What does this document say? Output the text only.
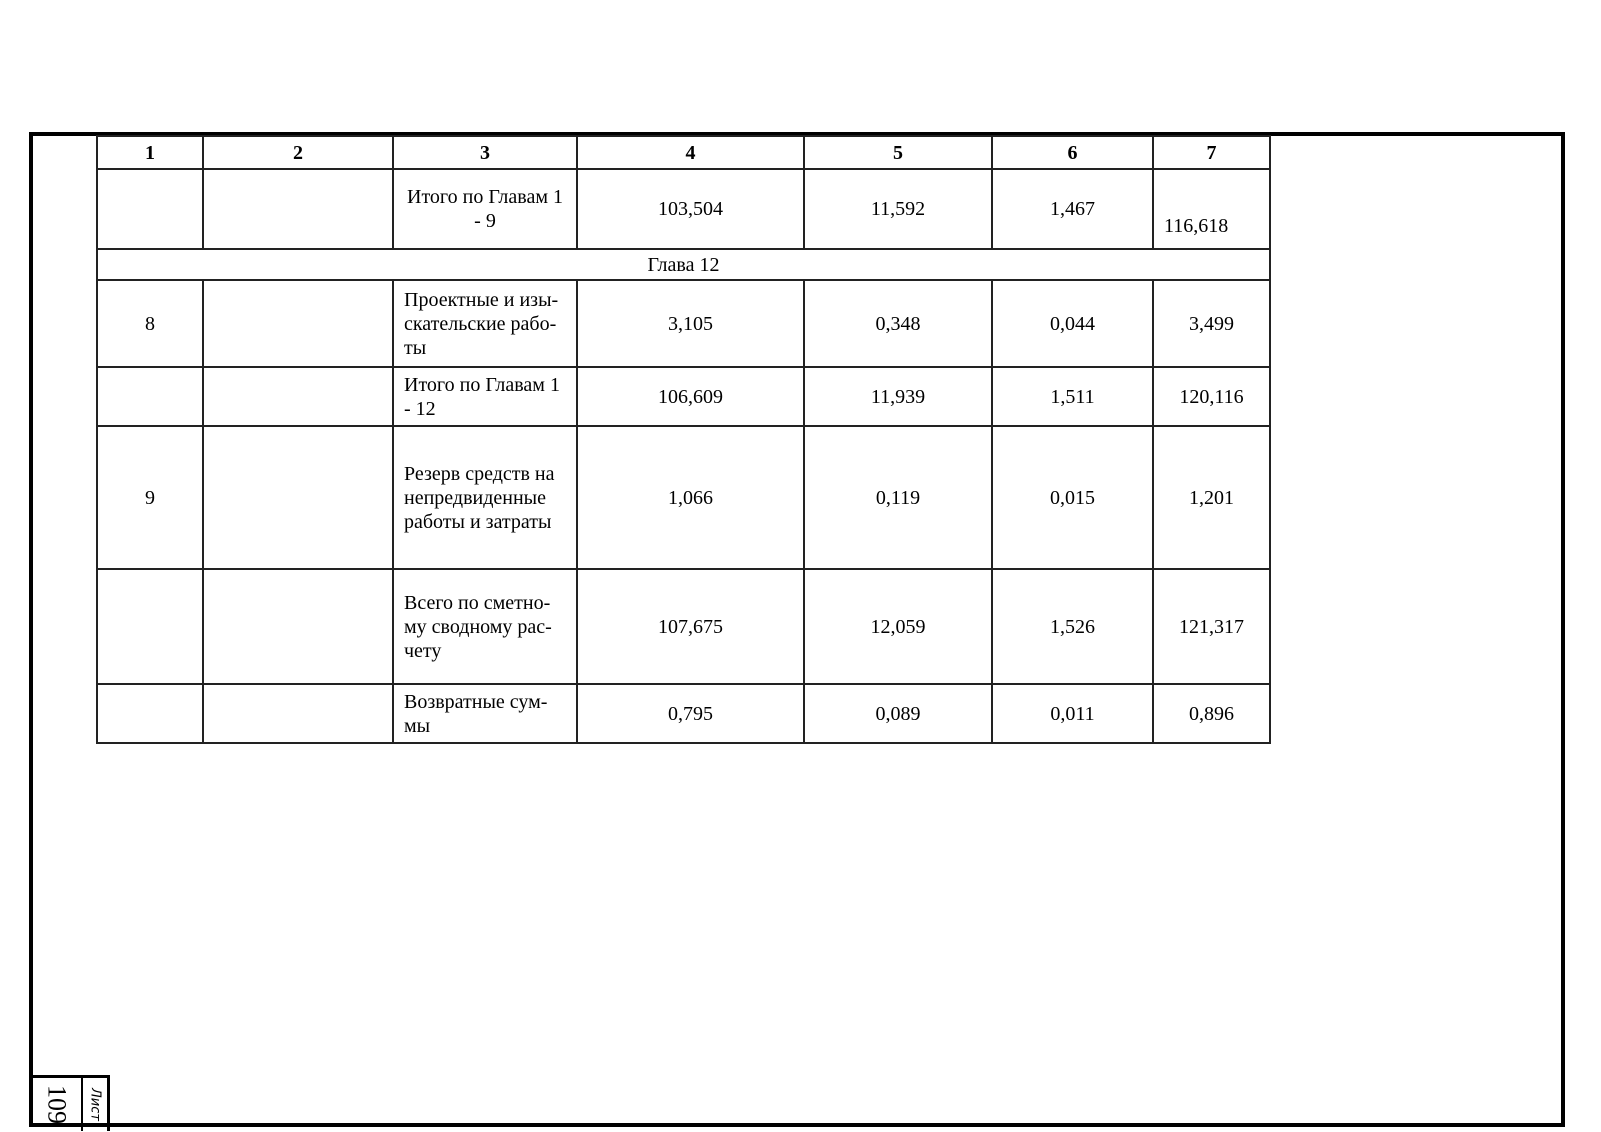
1	2	3	4	5	6	7
		Итого по Главам 1 - 9	103,504	11,592	1,467	116,618
Глава 12						
8		Проектные и изы-скательские рабо-ты	3,105	0,348	0,044	3,499
		Итого по Главам 1 - 12	106,609	11,939	1,511	120,116
9		Резерв средств на непредвиденные работы и затраты	1,066	0,119	0,015	1,201
		Всего по сметно-му сводному рас-чету	107,675	12,059	1,526	121,317
		Возвратные сум-мы	0,795	0,089	0,011	0,896
109	Лист
